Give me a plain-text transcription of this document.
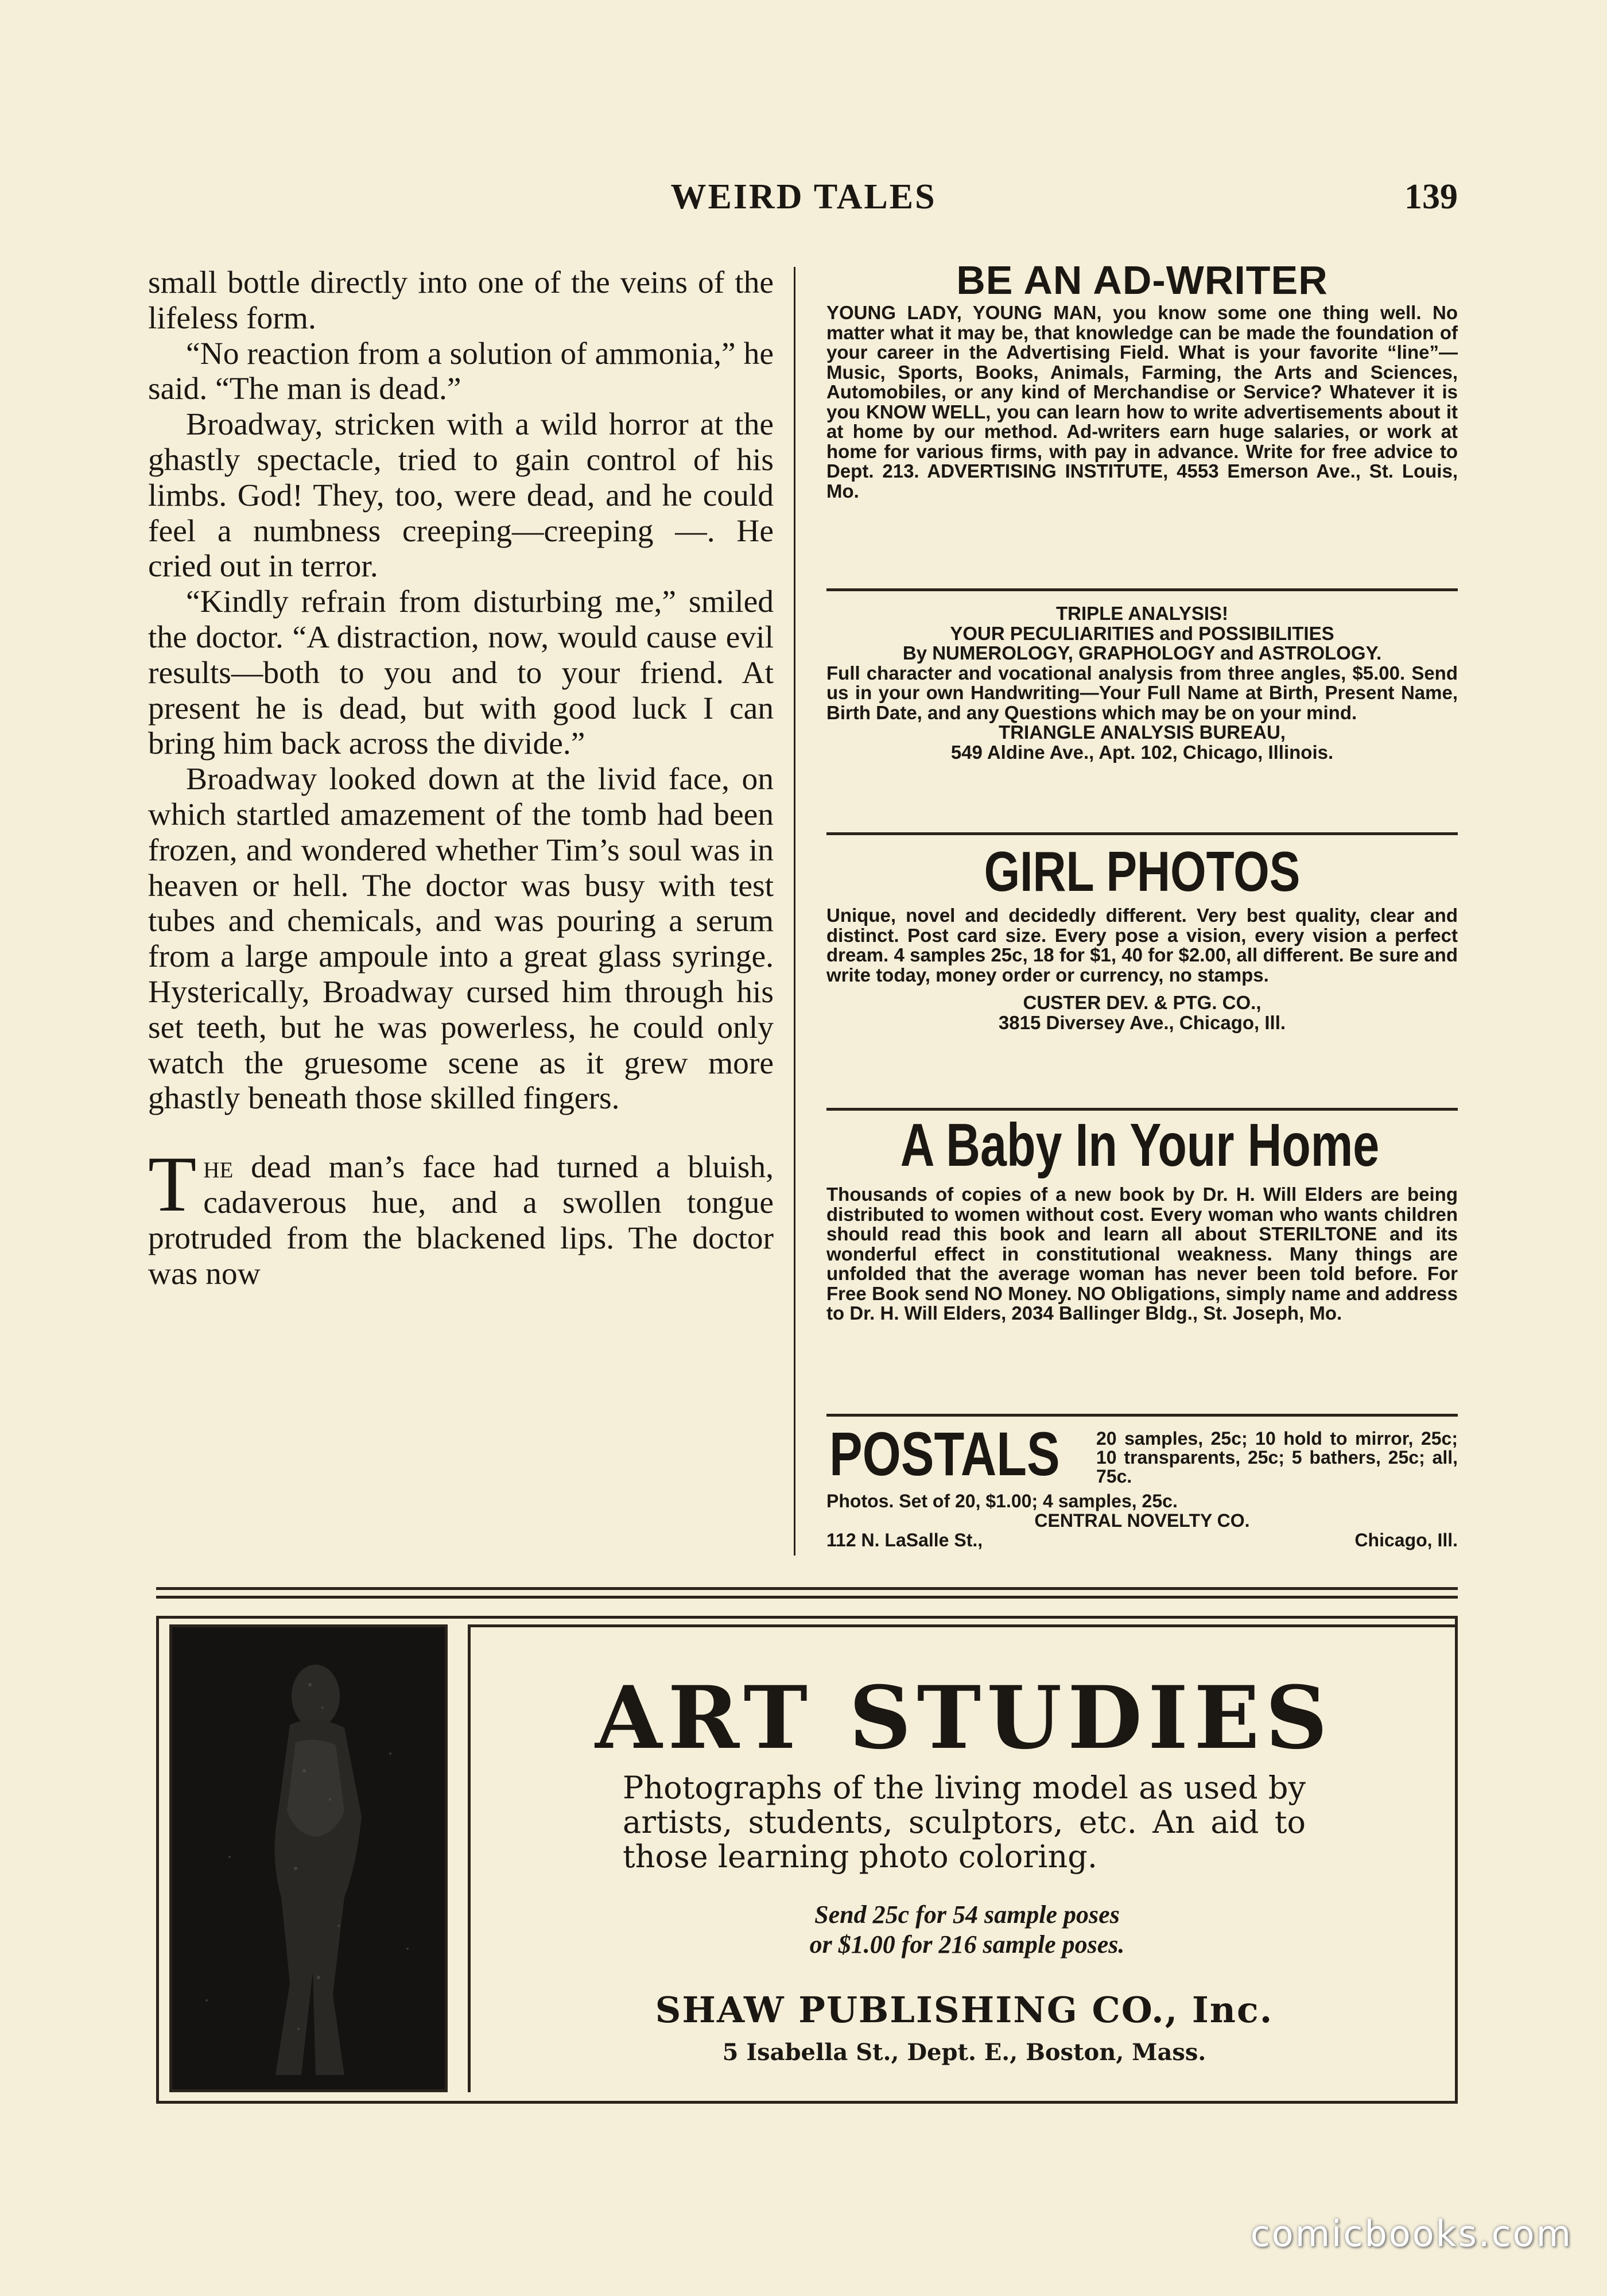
WEIRD TALES	139

small bottle directly into one of the veins of the lifeless form.

“No reaction from a solution of ammonia,” he said. “The man is dead.”

Broadway, stricken with a wild horror at the ghastly spectacle, tried to gain control of his limbs. God! They, too, were dead, and he could feel a numbness creeping—creeping —. He cried out in terror.

“Kindly refrain from disturbing me,” smiled the doctor. “A distraction, now, would cause evil results—both to you and to your friend. At present he is dead, but with good luck I can bring him back across the divide.”

Broadway looked down at the livid face, on which startled amazement of the tomb had been frozen, and wondered whether Tim’s soul was in heaven or hell. The doctor was busy with test tubes and chemicals, and was pouring a serum from a large ampoule into a great glass syringe. Hysterically, Broadway cursed him through his set teeth, but he was powerless, he could only watch the gruesome scene as it grew more ghastly beneath those skilled fingers.

The dead man’s face had turned a bluish, cadaverous hue, and a swollen tongue protruded from the blackened lips. The doctor was now

BE AN AD-WRITER

YOUNG LADY, YOUNG MAN, you know some one thing well. No matter what it may be, that knowledge can be made the foundation of your career in the Advertising Field. What is your favorite “line”—Music, Sports, Books, Animals, Farming, the Arts and Sciences, Automobiles, or any kind of Merchandise or Service? Whatever it is you KNOW WELL, you can learn how to write advertisements about it at home by our method. Ad-writers earn huge salaries, or work at home for various firms, with pay in advance. Write for free advice to Dept. 213. ADVERTISING INSTITUTE, 4553 Emerson Ave., St. Louis, Mo.

TRIPLE ANALYSIS!

YOUR PECULIARITIES and POSSIBILITIES

By NUMEROLOGY, GRAPHOLOGY and ASTROLOGY.

Full character and vocational analysis from three angles, $5.00. Send us in your own Handwriting—Your Full Name at Birth, Present Name, Birth Date, and any Questions which may be on your mind.

TRIANGLE ANALYSIS BUREAU,

549 Aldine Ave., Apt. 102, Chicago, Illinois.

GIRL PHOTOS

Unique, novel and decidedly different. Very best quality, clear and distinct. Post card size. Every pose a vision, every vision a perfect dream. 4 samples 25c, 18 for $1, 40 for $2.00, all different. Be sure and write today, money order or currency, no stamps.

CUSTER DEV. & PTG. CO.,

3815 Diversey Ave., Chicago, Ill.

A Baby In Your Home

Thousands of copies of a new book by Dr. H. Will Elders are being distributed to women without cost. Every woman who wants children should read this book and learn all about STERILTONE and its wonderful effect in constitutional weakness. Many things are unfolded that the average woman has never been told before. For Free Book send NO Money. NO Obligations, simply name and address to Dr. H. Will Elders, 2034 Ballinger Bldg., St. Joseph, Mo.

POSTALS 20 samples, 25c; 10 hold to mirror, 25c; 10 transparents, 25c; 5 bathers, 25c; all, 75c.

Photos. Set of 20, $1.00; 4 samples, 25c.

CENTRAL NOVELTY CO.

112 N. LaSalle St.,	Chicago, Ill.

ART STUDIES
Photographs of the living model as used by artists, students, sculptors, etc. An aid to those learning photo coloring.
Send 25c for 54 sample poses
or $1.00 for 216 sample poses.
SHAW PUBLISHING CO., Inc.
5 Isabella St., Dept. E., Boston, Mass.
comicbooks.com
